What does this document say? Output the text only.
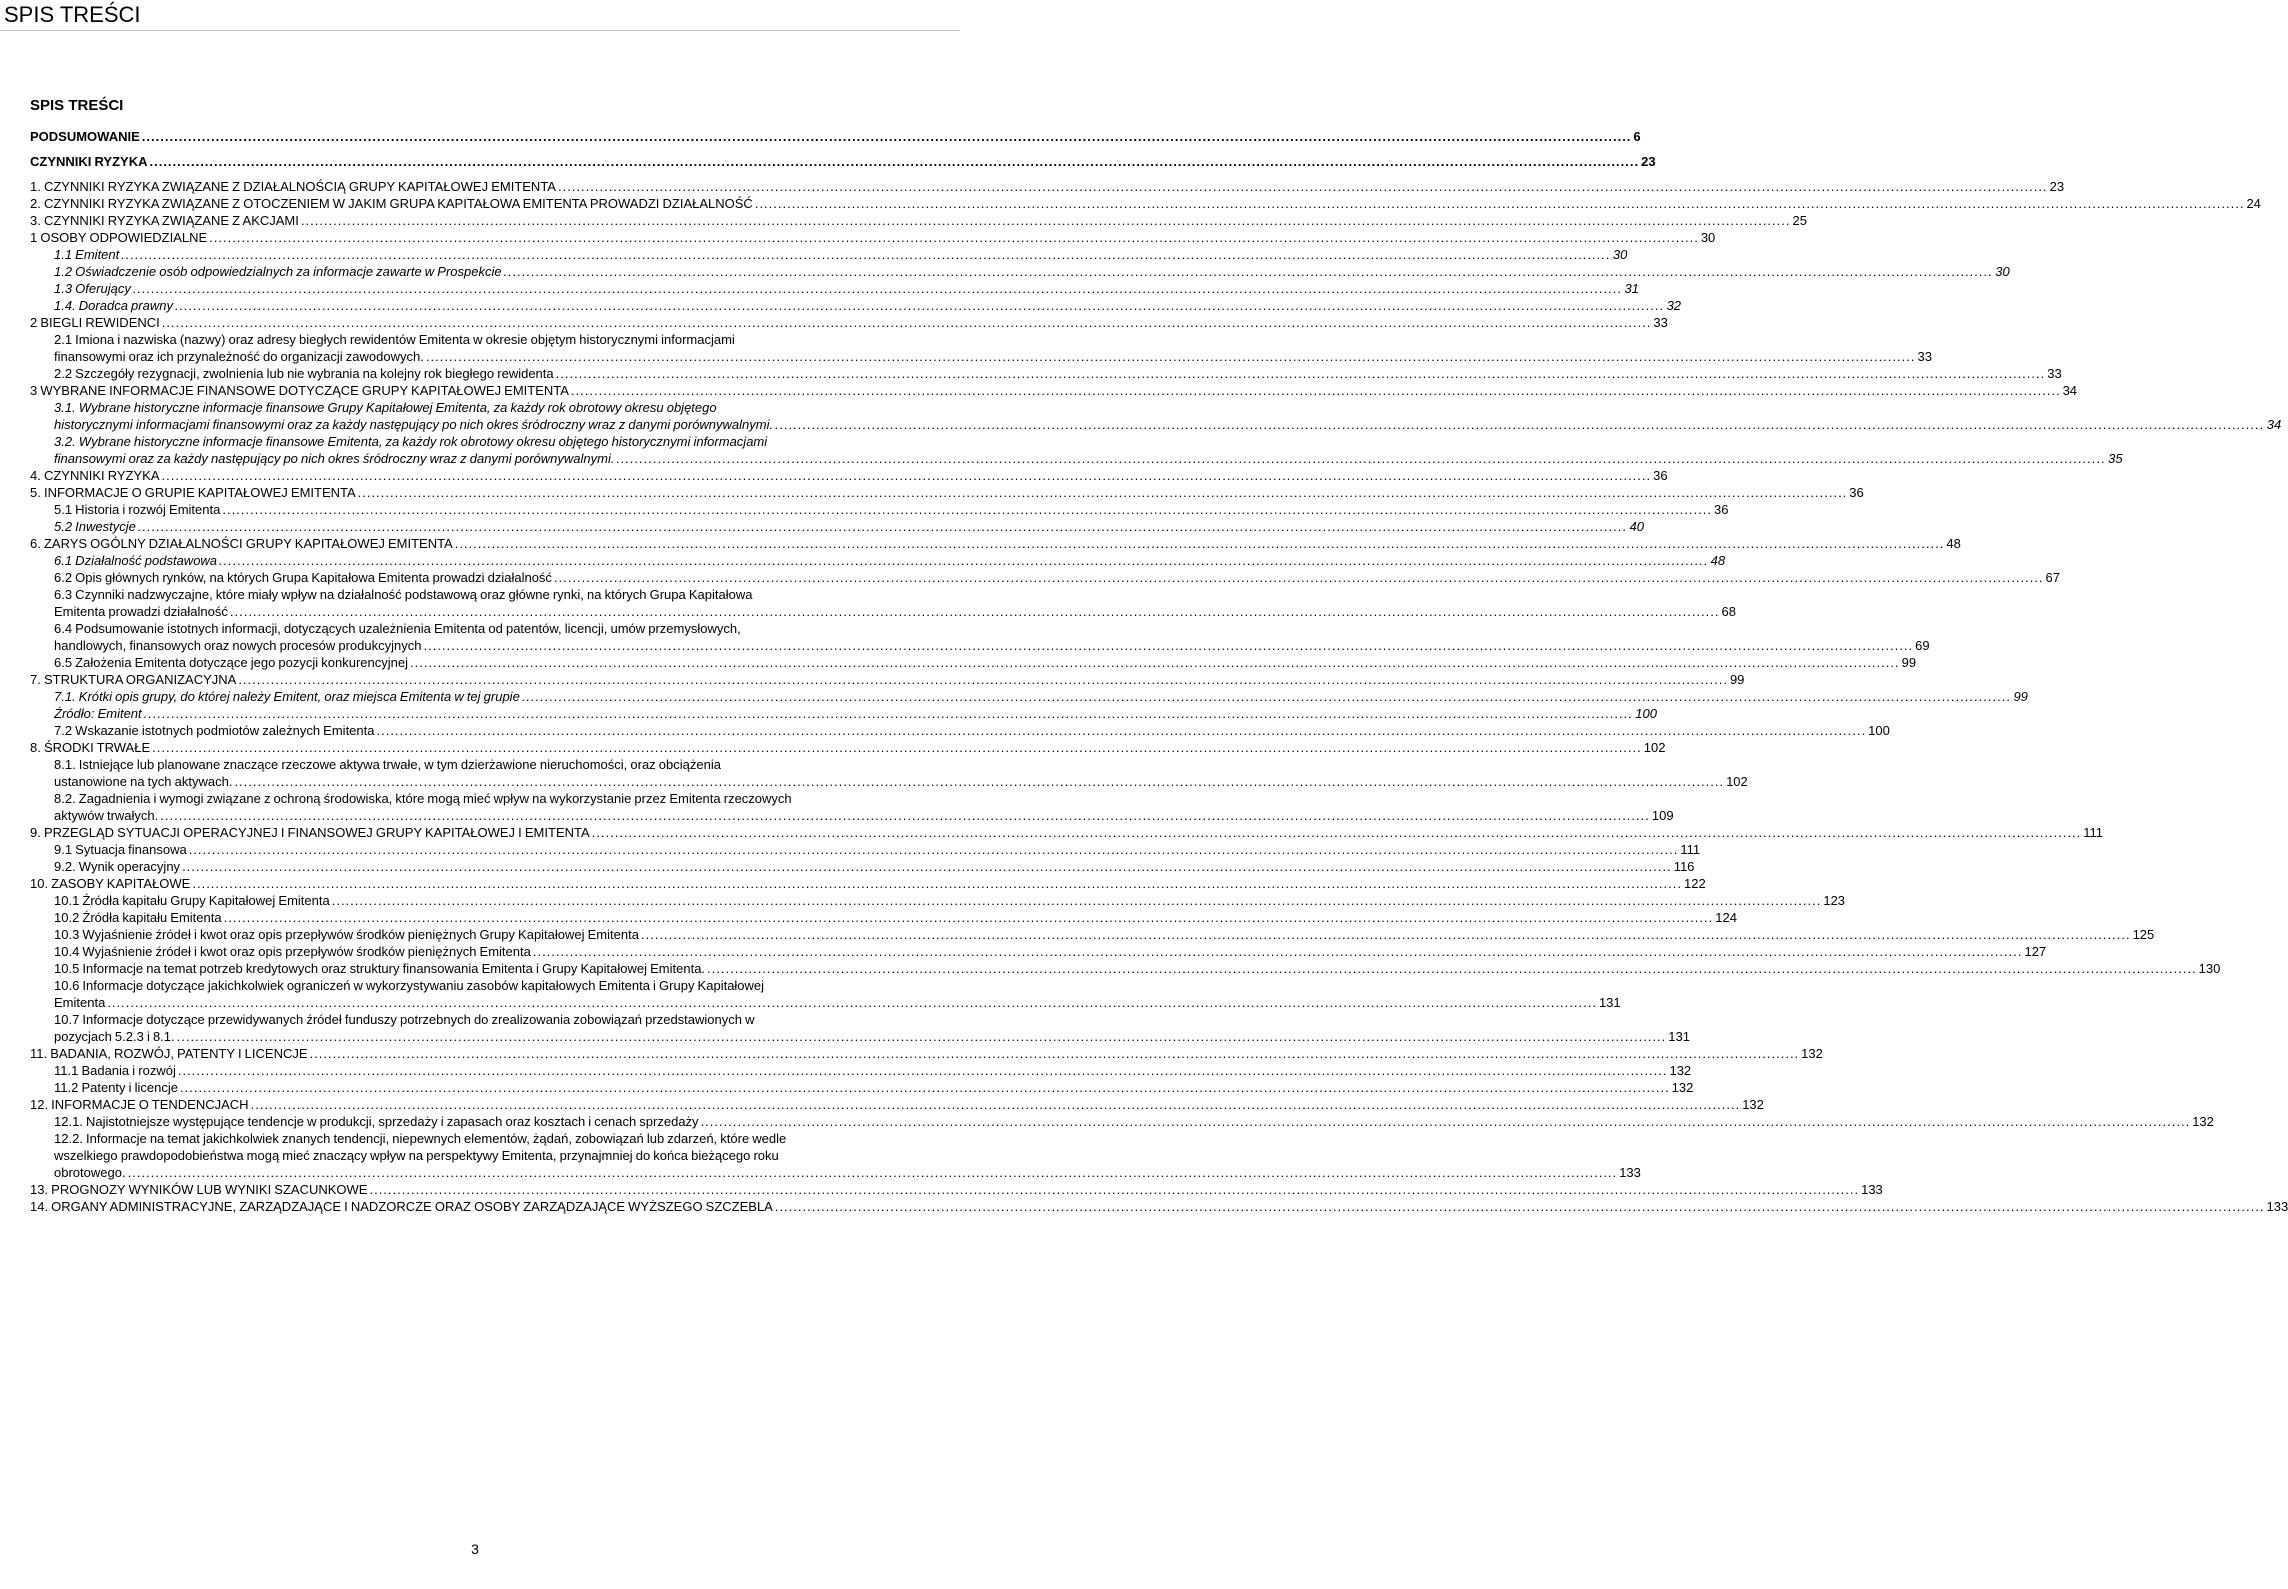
SPIS TREŚCI
SPIS TREŚCI
PODSUMOWANIE .....	6
CZYNNIKI RYZYKA .....	23
1. CZYNNIKI RYZYKA ZWIĄZANE Z DZIAŁALNOŚCIĄ GRUPY KAPITAŁOWEJ EMITENTA .....	23
2. CZYNNIKI RYZYKA ZWIĄZANE Z OTOCZENIEM W JAKIM GRUPA KAPITAŁOWA EMITENTA PROWADZI DZIAŁALNOŚĆ .....	24
3. CZYNNIKI RYZYKA ZWIĄZANE Z AKCJAMI .....	25
1 OSOBY ODPOWIEDZIALNE .....	30
1.1 Emitent .....	30
1.2 Oświadczenie osób odpowiedzialnych za informacje zawarte w Prospekcie .....	30
1.3 Oferujący .....	31
1.4. Doradca prawny .....	32
2 BIEGLI REWIDENCI .....	33
2.1 Imiona i nazwiska (nazwy) oraz adresy biegłych rewidentów Emitenta w okresie objętym historycznymi informacjami
finansowymi oraz ich przynależność do organizacji zawodowych. .....	33
2.2 Szczegóły rezygnacji, zwolnienia lub nie wybrania na kolejny rok biegłego rewidenta .....	33
3 WYBRANE INFORMACJE FINANSOWE DOTYCZĄCE GRUPY KAPITAŁOWEJ EMITENTA .....	34
3.1. Wybrane historyczne informacje finansowe Grupy Kapitałowej Emitenta, za każdy rok obrotowy okresu objętego
historycznymi informacjami finansowymi oraz za każdy następujący po nich okres śródroczny wraz z danymi porównywalnymi. .....	34
3.2. Wybrane historyczne informacje finansowe Emitenta, za każdy rok obrotowy okresu objętego historycznymi informacjami
finansowymi oraz za każdy następujący po nich okres śródroczny wraz z danymi porównywalnymi. .....	35
4. CZYNNIKI RYZYKA .....	36
5. INFORMACJE O GRUPIE KAPITAŁOWEJ EMITENTA .....	36
5.1 Historia i rozwój Emitenta .....	36
5.2 Inwestycje .....	40
6. ZARYS OGÓLNY DZIAŁALNOŚCI GRUPY KAPITAŁOWEJ EMITENTA .....	48
6.1 Działalność podstawowa .....	48
6.2 Opis głównych rynków, na których Grupa Kapitałowa Emitenta prowadzi działalność .....	67
6.3 Czynniki nadzwyczajne, które miały wpływ na działalność podstawową oraz główne rynki, na których Grupa Kapitałowa
Emitenta prowadzi działalność .....	68
6.4 Podsumowanie istotnych informacji, dotyczących uzależnienia Emitenta od patentów, licencji, umów przemysłowych,
handlowych, finansowych oraz nowych procesów produkcyjnych .....	69
6.5 Założenia Emitenta dotyczące jego pozycji konkurencyjnej .....	99
7. STRUKTURA ORGANIZACYJNA .....	99
7.1. Krótki opis grupy, do której należy Emitent, oraz miejsca Emitenta w tej grupie .....	99
Źródło: Emitent .....	100
7.2 Wskazanie istotnych podmiotów zależnych Emitenta .....	100
8. ŚRODKI TRWAŁE .....	102
8.1. Istniejące lub planowane znaczące rzeczowe aktywa trwałe, w tym dzierżawione nieruchomości, oraz obciążenia
ustanowione na tych aktywach. .....	102
8.2. Zagadnienia i wymogi związane z ochroną środowiska, które mogą mieć wpływ na wykorzystanie przez Emitenta rzeczowych
aktywów trwałych. .....	109
9. PRZEGLĄD SYTUACJI OPERACYJNEJ I FINANSOWEJ GRUPY KAPITAŁOWEJ I EMITENTA .....	111
9.1 Sytuacja finansowa .....	111
9.2. Wynik operacyjny .....	116
10. ZASOBY KAPITAŁOWE .....	122
10.1 Źródła kapitału Grupy Kapitałowej Emitenta .....	123
10.2 Źródła kapitału Emitenta .....	124
10.3 Wyjaśnienie źródeł i kwot oraz opis przepływów środków pieniężnych Grupy Kapitałowej Emitenta .....	125
10.4 Wyjaśnienie źródeł i kwot oraz opis przepływów środków pieniężnych Emitenta .....	127
10.5 Informacje na temat potrzeb kredytowych oraz struktury finansowania Emitenta i Grupy Kapitałowej Emitenta. .....	130
10.6 Informacje dotyczące jakichkolwiek ograniczeń w wykorzystywaniu zasobów kapitałowych Emitenta i Grupy Kapitałowej
Emitenta .....	131
10.7 Informacje dotyczące przewidywanych źródeł funduszy potrzebnych do zrealizowania zobowiązań przedstawionych w
pozycjach 5.2.3 i 8.1. .....	131
11. BADANIA, ROZWÓJ, PATENTY I LICENCJE .....	132
11.1 Badania i rozwój .....	132
11.2 Patenty i licencje .....	132
12. INFORMACJE O TENDENCJACH .....	132
12.1. Najistotniejsze występujące tendencje w produkcji, sprzedaży i zapasach oraz kosztach i cenach sprzedaży .....	132
12.2. Informacje na temat jakichkolwiek znanych tendencji, niepewnych elementów, żądań, zobowiązań lub zdarzeń, które wedle
wszelkiego prawdopodobieństwa mogą mieć znaczący wpływ na perspektywy Emitenta, przynajmniej do końca bieżącego roku
obrotowego. .....	133
13. PROGNOZY WYNIKÓW LUB WYNIKI SZACUNKOWE .....	133
14. ORGANY ADMINISTRACYJNE, ZARZĄDZAJĄCE I NADZORCZE ORAZ OSOBY ZARZĄDZAJĄCE WYŻSZEGO SZCZEBLA .....	133
3
